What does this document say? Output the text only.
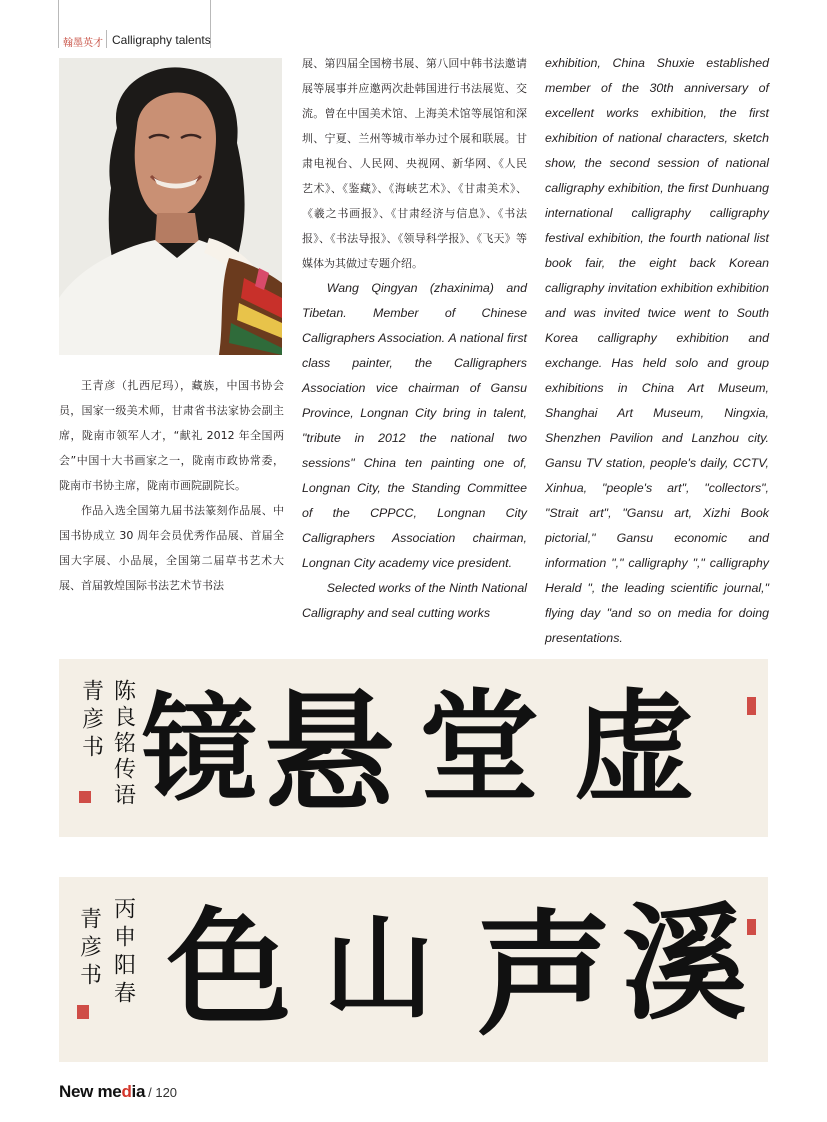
翰墨英才 Calligraphy talents

王青彦（扎西尼玛），藏族，中国书协会员，国家一级美术师，甘肃省书法家协会副主席，陇南市领军人才，“献礼 2012 年全国两会”中国十大书画家之一，陇南市政协常委，陇南市书协主席，陇南市画院副院长。

作品入选全国第九届书法篆刻作品展、中国书协成立 30 周年会员优秀作品展、首届全国大字展、小品展，全国第二届草书艺术大展、首届敦煌国际书法艺术节书法

展、第四届全国榜书展、第八回中韩书法邀请展等展事并应邀两次赴韩国进行书法展览、交流。曾在中国美术馆、上海美术馆等展馆和深圳、宁夏、兰州等城市举办过个展和联展。甘肃电视台、人民网、央视网、新华网、《人民艺术》、《鉴藏》、《海峡艺术》、《甘肃美术》、《羲之书画报》、《甘肃经济与信息》、《书法报》、《书法导报》、《领导科学报》、《飞天》等媒体为其做过专题介绍。

Wang Qingyan (zhaxinima) and Tibetan. Member of Chinese Calligraphers Association. A national first class painter, the Calligraphers Association vice chairman of Gansu Province, Longnan City bring in talent, "tribute in 2012 the national two sessions" China ten painting one of, Longnan City, the Standing Committee of the CPPCC, Longnan City Calligraphers Association chairman, Longnan City academy vice president.

Selected works of the Ninth National Calligraphy and seal cutting works

exhibition, China Shuxie established member of the 30th anniversary of excellent works exhibition, the first exhibition of national characters, sketch show, the second session of national calligraphy exhibition, the first Dunhuang international calligraphy calligraphy festival exhibition, the fourth national list book fair, the eight back Korean calligraphy invitation exhibition exhibition and was invited twice went to South Korea calligraphy exhibition and exchange. Has held solo and group exhibitions in China Art Museum, Shanghai Art Museum, Ningxia, Shenzhen Pavilion and Lanzhou city. Gansu TV station, people's daily, CCTV, Xinhua, "people's art", "collectors", "Strait art", "Gansu art, Xizhi Book pictorial," Gansu economic and information "," calligraphy "," calligraphy Herald ", the leading scientific journal," flying day "and so on media for doing presentations.

陈良铭传语
青彦书	虚
堂
悬
镜
丙申阳春
青彦书	溪
声
山
色
New media / 120
